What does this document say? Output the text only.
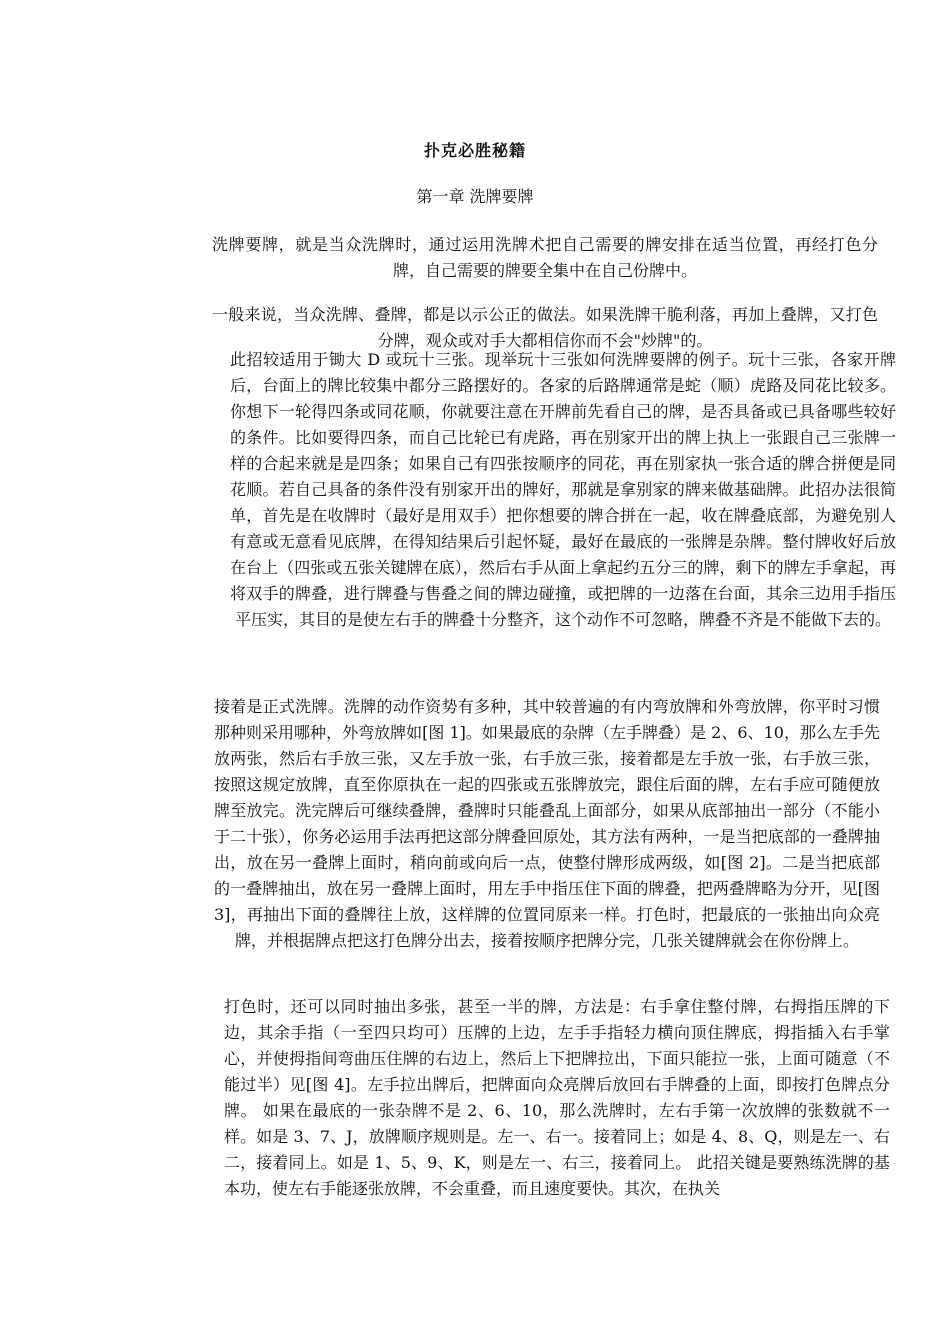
扑克必胜秘籍
第一章 洗牌要牌

洗牌要牌，就是当众洗牌时，通过运用洗牌术把自己需要的牌安排在适当位置，再经打色分牌，自己需要的牌要全集中在自己份牌中。

一般来说，当众洗牌、叠牌，都是以示公正的做法。如果洗牌干脆利落，再加上叠牌，又打色分牌，观众或对手大都相信你而不会"炒牌"的。

此招较适用于锄大 D 或玩十三张。现举玩十三张如何洗牌要牌的例子。玩十三张，各家开牌后，台面上的牌比较集中都分三路摆好的。各家的后路牌通常是蛇（顺）虎路及同花比较多。你想下一轮得四条或同花顺，你就要注意在开牌前先看自己的牌，是否具备或已具备哪些较好的条件。比如要得四条，而自己比轮已有虎路，再在别家开出的牌上执上一张跟自己三张牌一样的合起来就是是四条；如果自己有四张按顺序的同花，再在别家执一张合适的牌合拼便是同花顺。若自己具备的条件没有别家开出的牌好，那就是拿别家的牌来做基础牌。此招办法很简单，首先是在收牌时（最好是用双手）把你想要的牌合拼在一起，收在牌叠底部，为避免别人有意或无意看见底牌，在得知结果后引起怀疑，最好在最底的一张牌是杂牌。整付牌收好后放在台上（四张或五张关键牌在底），然后右手从面上拿起约五分三的牌，剩下的牌左手拿起，再将双手的牌叠，进行牌叠与售叠之间的牌边碰撞，或把牌的一边落在台面，其余三边用手指压平压实，其目的是使左右手的牌叠十分整齐，这个动作不可忽略，牌叠不齐是不能做下去的。

接着是正式洗牌。洗牌的动作资势有多种，其中较普遍的有内弯放牌和外弯放牌，你平时习惯那种则采用哪种，外弯放牌如[图 1]。如果最底的杂牌（左手牌叠）是 2、6、10，那么左手先放两张，然后右手放三张，又左手放一张，右手放三张，接着都是左手放一张，右手放三张，按照这规定放牌，直至你原执在一起的四张或五张牌放完，跟住后面的牌，左右手应可随便放牌至放完。洗完牌后可继续叠牌，叠牌时只能叠乱上面部分，如果从底部抽出一部分（不能小于二十张），你务必运用手法再把这部分牌叠回原处，其方法有两种，一是当把底部的一叠牌抽出，放在另一叠牌上面时，稍向前或向后一点，使整付牌形成两级，如[图 2]。二是当把底部的一叠牌抽出，放在另一叠牌上面时，用左手中指压住下面的牌叠，把两叠牌略为分开，见[图 3]，再抽出下面的叠牌往上放，这样牌的位置同原来一样。打色时，把最底的一张抽出向众亮牌，并根据牌点把这打色牌分出去，接着按顺序把牌分完，几张关键牌就会在你份牌上。

打色时，还可以同时抽出多张，甚至一半的牌，方法是：右手拿住整付牌，右拇指压牌的下边，其余手指（一至四只均可）压牌的上边，左手手指轻力横向顶住牌底，拇指插入右手掌心，并使拇指间弯曲压住牌的右边上，然后上下把牌拉出，下面只能拉一张，上面可随意（不能过半）见[图 4]。左手拉出牌后，把牌面向众亮牌后放回右手牌叠的上面，即按打色牌点分牌。 如果在最底的一张杂牌不是 2、6、10，那么洗牌时，左右手第一次放牌的张数就不一样。如是 3、7、J，放牌顺序规则是。左一、右一。接着同上；如是 4、8、Q，则是左一、右二，接着同上。如是 1、5、9、K，则是左一、右三，接着同上。 此招关键是要熟练洗牌的基本功，使左右手能逐张放牌，不会重叠，而且速度要快。其次，在执关
